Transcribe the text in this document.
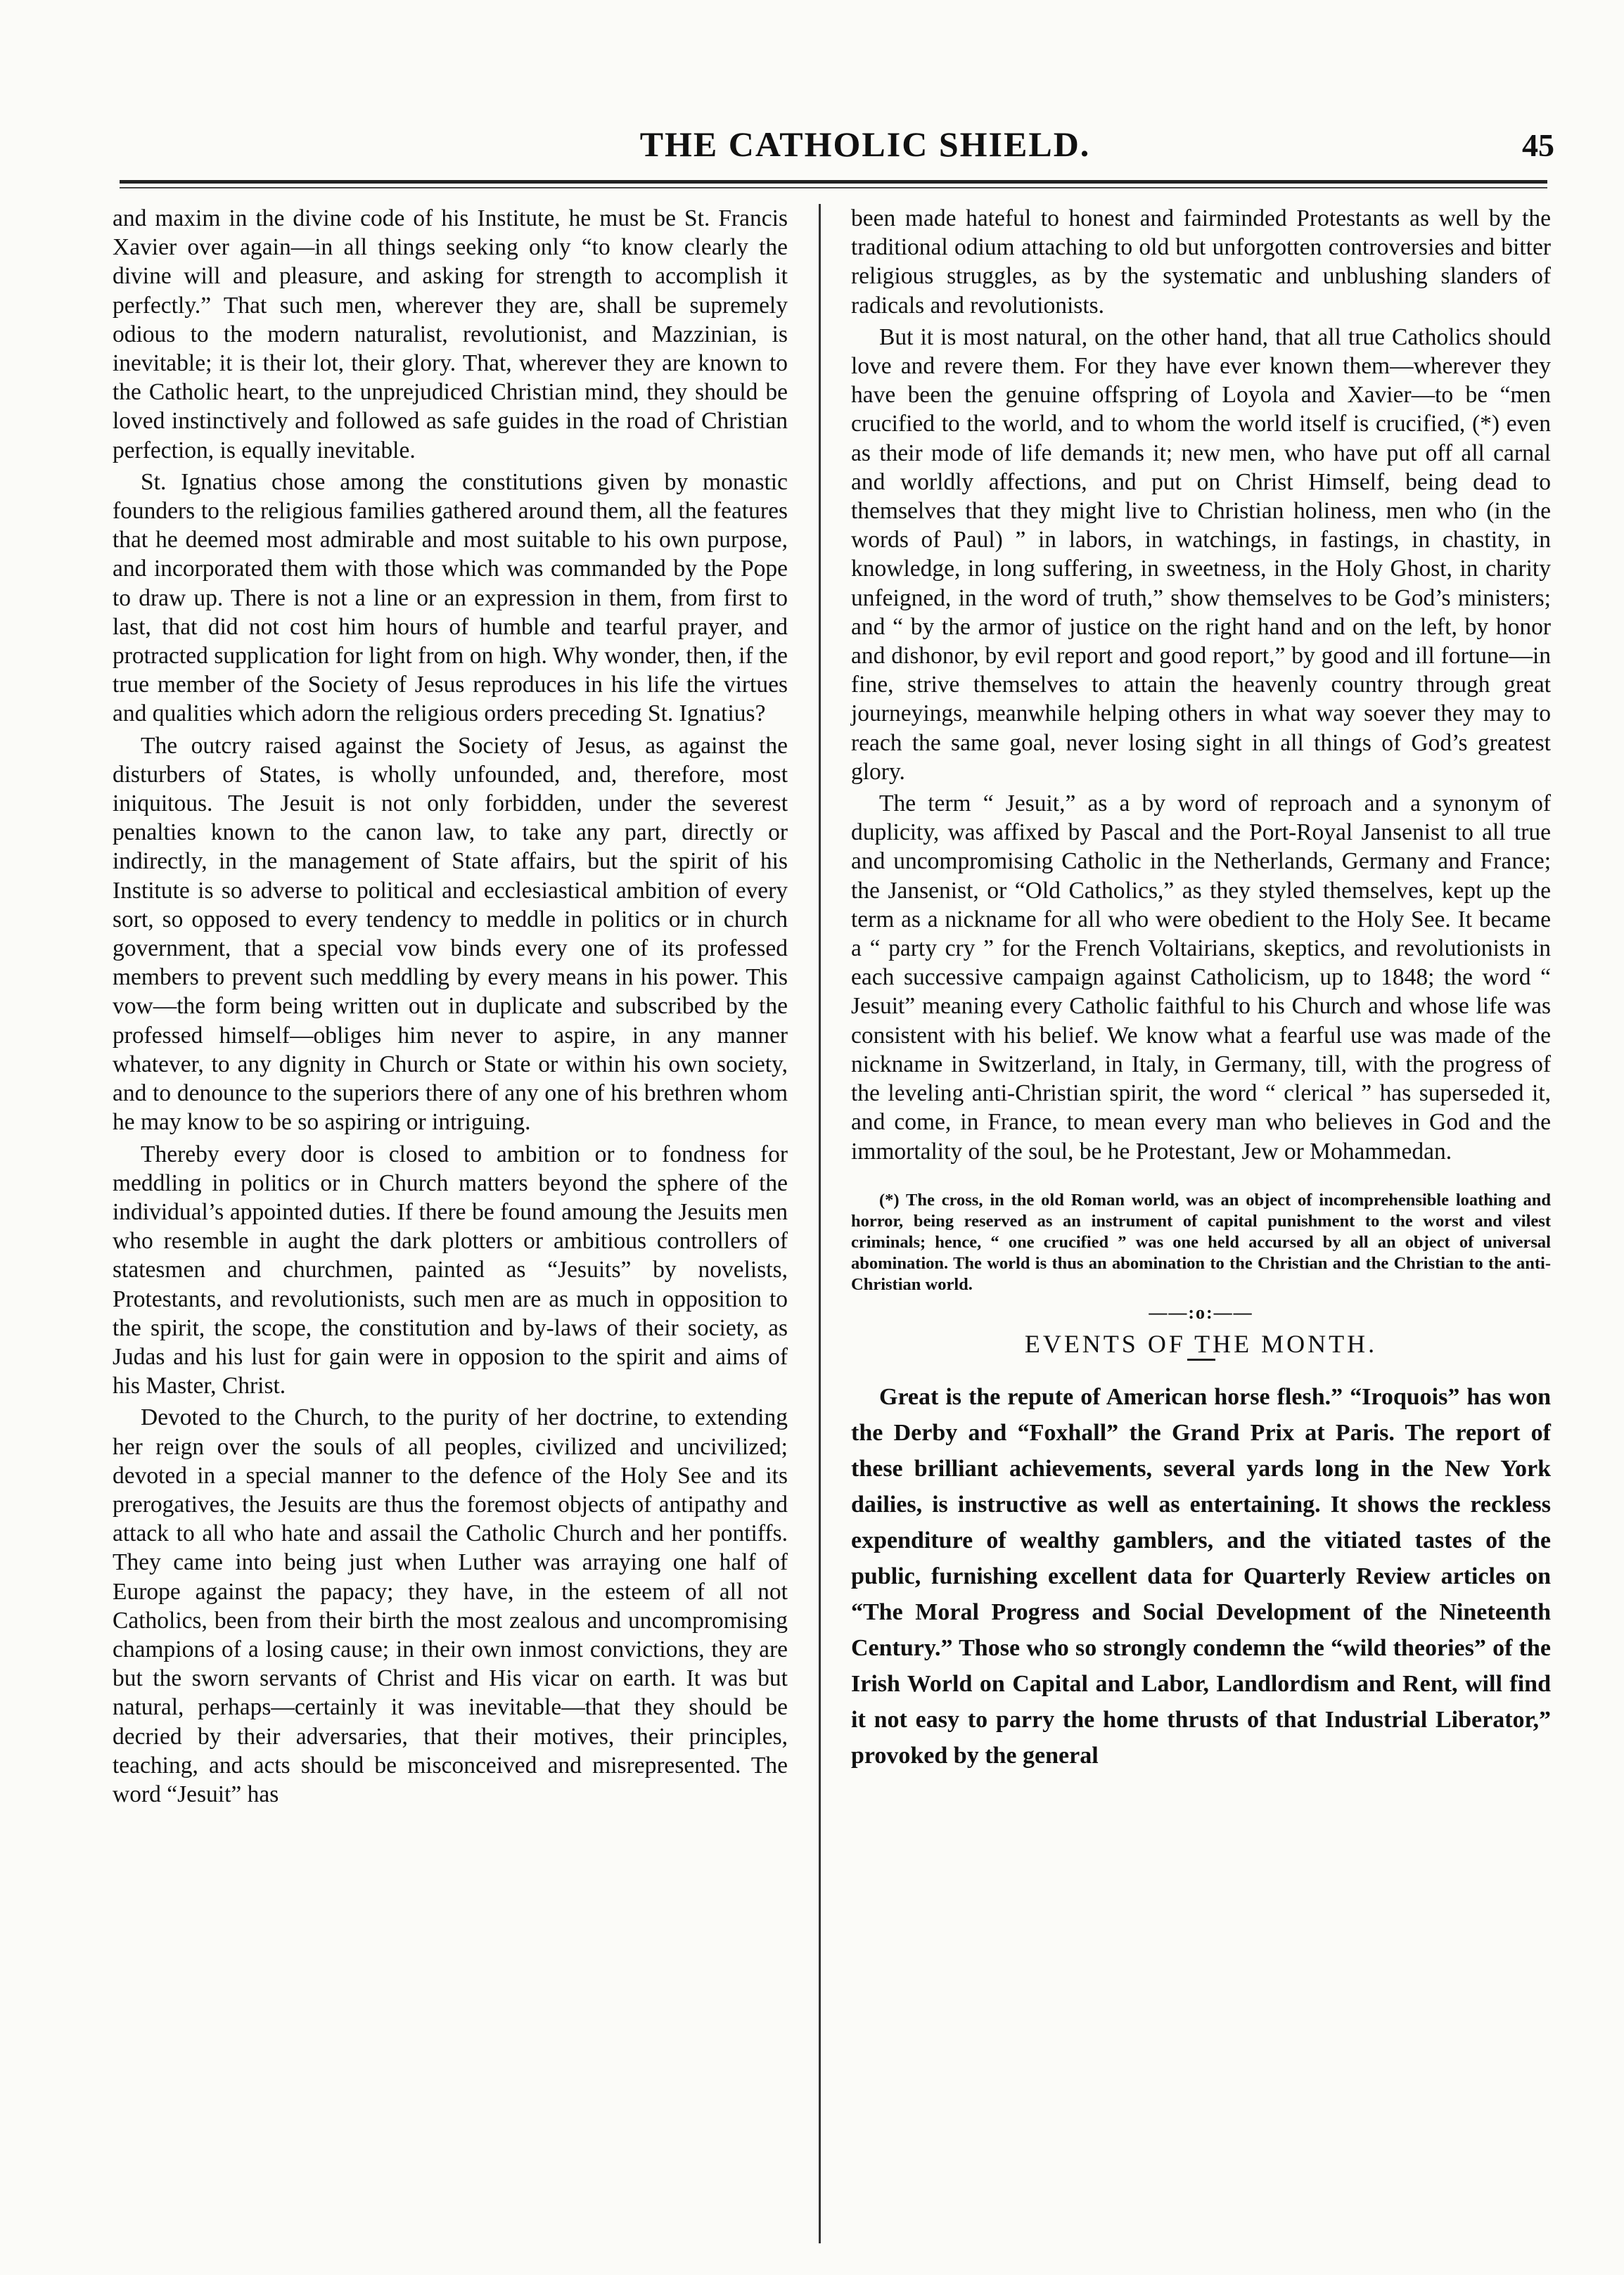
THE CATHOLIC SHIELD.	45

and maxim in the divine code of his Institute, he must be St. Francis Xavier over again—in all things seeking only “to know clearly the divine will and pleasure, and asking for strength to accomplish it perfectly.” That such men, wherever they are, shall be supremely odious to the modern naturalist, revolutionist, and Mazzinian, is inevitable; it is their lot, their glory. That, wherever they are known to the Catholic heart, to the unprejudiced Christian mind, they should be loved instinctively and followed as safe guides in the road of Christian perfection, is equally inevitable.

St. Ignatius chose among the constitutions given by monastic founders to the religious families gathered around them, all the features that he deemed most admirable and most suitable to his own purpose, and incorporated them with those which was commanded by the Pope to draw up. There is not a line or an expression in them, from first to last, that did not cost him hours of humble and tearful prayer, and protracted supplication for light from on high. Why wonder, then, if the true member of the Society of Jesus reproduces in his life the virtues and qualities which adorn the religious orders preceding St. Ignatius?

The outcry raised against the Society of Jesus, as against the disturbers of States, is wholly unfounded, and, therefore, most iniquitous. The Jesuit is not only forbidden, under the severest penalties known to the canon law, to take any part, directly or indirectly, in the management of State affairs, but the spirit of his Institute is so adverse to political and ecclesiastical ambition of every sort, so opposed to every tendency to meddle in politics or in church government, that a special vow binds every one of its professed members to prevent such meddling by every means in his power. This vow—the form being written out in duplicate and subscribed by the professed himself—obliges him never to aspire, in any manner whatever, to any dignity in Church or State or within his own society, and to denounce to the superiors there of any one of his brethren whom he may know to be so aspiring or intriguing.

Thereby every door is closed to ambition or to fondness for meddling in politics or in Church matters beyond the sphere of the individual’s appointed duties. If there be found amoung the Jesuits men who resemble in aught the dark plotters or ambitious controllers of statesmen and churchmen, painted as “Jesuits” by novelists, Protestants, and revolutionists, such men are as much in opposition to the spirit, the scope, the constitution and by-laws of their society, as Judas and his lust for gain were in opposion to the spirit and aims of his Master, Christ.

Devoted to the Church, to the purity of her doctrine, to extending her reign over the souls of all peoples, civilized and uncivilized; devoted in a special manner to the defence of the Holy See and its prerogatives, the Jesuits are thus the foremost objects of antipathy and attack to all who hate and assail the Catholic Church and her pontiffs. They came into being just when Luther was arraying one half of Europe against the papacy; they have, in the esteem of all not Catholics, been from their birth the most zealous and uncompromising champions of a losing cause; in their own inmost convictions, they are but the sworn servants of Christ and His vicar on earth. It was but natural, perhaps—certainly it was inevitable—that they should be decried by their adversaries, that their motives, their principles, teaching, and acts should be misconceived and misrepresented. The word “Jesuit” has

been made hateful to honest and fairminded Protestants as well by the traditional odium attaching to old but unforgotten controversies and bitter religious struggles, as by the systematic and unblushing slanders of radicals and revolutionists.

But it is most natural, on the other hand, that all true Catholics should love and revere them. For they have ever known them—wherever they have been the genuine offspring of Loyola and Xavier—to be “men crucified to the world, and to whom the world itself is crucified, (*) even as their mode of life demands it; new men, who have put off all carnal and worldly affections, and put on Christ Himself, being dead to themselves that they might live to Christian holiness, men who (in the words of Paul) ” in labors, in watchings, in fastings, in chastity, in knowledge, in long suffering, in sweetness, in the Holy Ghost, in charity unfeigned, in the word of truth,” show themselves to be God’s ministers; and “ by the armor of justice on the right hand and on the left, by honor and dishonor, by evil report and good report,” by good and ill fortune—in fine, strive themselves to attain the heavenly country through great journeyings, meanwhile helping others in what way soever they may to reach the same goal, never losing sight in all things of God’s greatest glory.

The term “ Jesuit,” as a by word of reproach and a synonym of duplicity, was affixed by Pascal and the Port-Royal Jansenist to all true and uncompromising Catholic in the Netherlands, Germany and France; the Jansenist, or “Old Catholics,” as they styled themselves, kept up the term as a nickname for all who were obedient to the Holy See. It became a “ party cry ” for the French Voltairians, skeptics, and revolutionists in each successive campaign against Catholicism, up to 1848; the word “ Jesuit” meaning every Catholic faithful to his Church and whose life was consistent with his belief. We know what a fearful use was made of the nickname in Switzerland, in Italy, in Germany, till, with the progress of the leveling anti-Christian spirit, the word “ clerical ” has superseded it, and come, in France, to mean every man who believes in God and the immortality of the soul, be he Protestant, Jew or Mohammedan.

(*) The cross, in the old Roman world, was an object of incomprehensible loathing and horror, being reserved as an instrument of capital punishment to the worst and vilest criminals; hence, “ one crucified ” was one held accursed by all an object of universal abomination. The world is thus an abomination to the Christian and the Christian to the anti-Christian world.

——:o:——

EVENTS OF THE MONTH.

Great is the repute of American horse flesh.” “Iroquois” has won the Derby and “Foxhall” the Grand Prix at Paris. The report of these brilliant achievements, several yards long in the New York dailies, is instructive as well as entertaining. It shows the reckless expenditure of wealthy gamblers, and the vitiated tastes of the public, furnishing excellent data for Quarterly Review articles on “The Moral Progress and Social Development of the Nineteenth Century.” Those who so strongly condemn the “wild theories” of the Irish World on Capital and Labor, Landlordism and Rent, will find it not easy to parry the home thrusts of that Industrial Liberator,” provoked by the general
